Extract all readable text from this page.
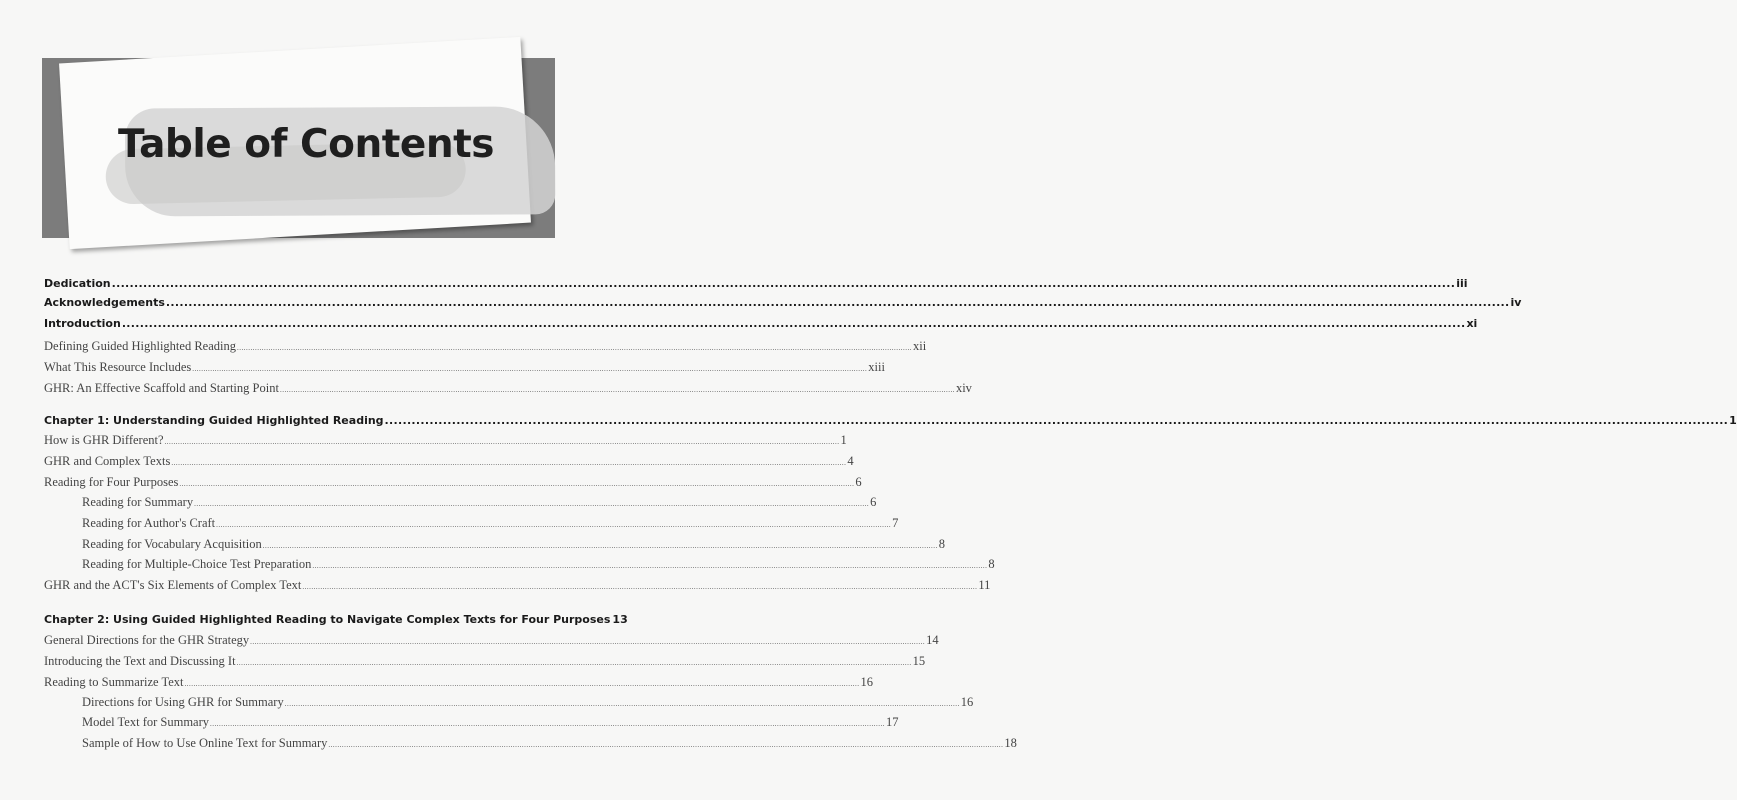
Table of Contents
Dedication ............................................................................................................................................................................................................................................................................................................ iii
Acknowledgements ............................................................................................................................................................................................................................................................................................................ iv
Introduction ............................................................................................................................................................................................................................................................................................................ xi
Defining Guided Highlighted Reading ............................................................................................................................................................................................................................................................................................................ xii
What This Resource Includes ............................................................................................................................................................................................................................................................................................................ xiii
GHR: An Effective Scaffold and Starting Point ............................................................................................................................................................................................................................................................................................................ xiv
Chapter 1: Understanding Guided Highlighted Reading ............................................................................................................................................................................................................................................................................................................ 1
How is GHR Different? ............................................................................................................................................................................................................................................................................................................ 1
GHR and Complex Texts ............................................................................................................................................................................................................................................................................................................ 4
Reading for Four Purposes ............................................................................................................................................................................................................................................................................................................ 6
Reading for Summary ............................................................................................................................................................................................................................................................................................................ 6
Reading for Author's Craft ............................................................................................................................................................................................................................................................................................................ 7
Reading for Vocabulary Acquisition ............................................................................................................................................................................................................................................................................................................ 8
Reading for Multiple-Choice Test Preparation ............................................................................................................................................................................................................................................................................................................ 8
GHR and the ACT's Six Elements of Complex Text ............................................................................................................................................................................................................................................................................................................ 11
Chapter 2: Using Guided Highlighted Reading to Navigate Complex Texts for Four Purposes 13
General Directions for the GHR Strategy ............................................................................................................................................................................................................................................................................................................ 14
Introducing the Text and Discussing It ............................................................................................................................................................................................................................................................................................................ 15
Reading to Summarize Text ............................................................................................................................................................................................................................................................................................................ 16
Directions for Using GHR for Summary ............................................................................................................................................................................................................................................................................................................ 16
Model Text for Summary ............................................................................................................................................................................................................................................................................................................ 17
Sample of How to Use Online Text for Summary ............................................................................................................................................................................................................................................................................................................ 18
